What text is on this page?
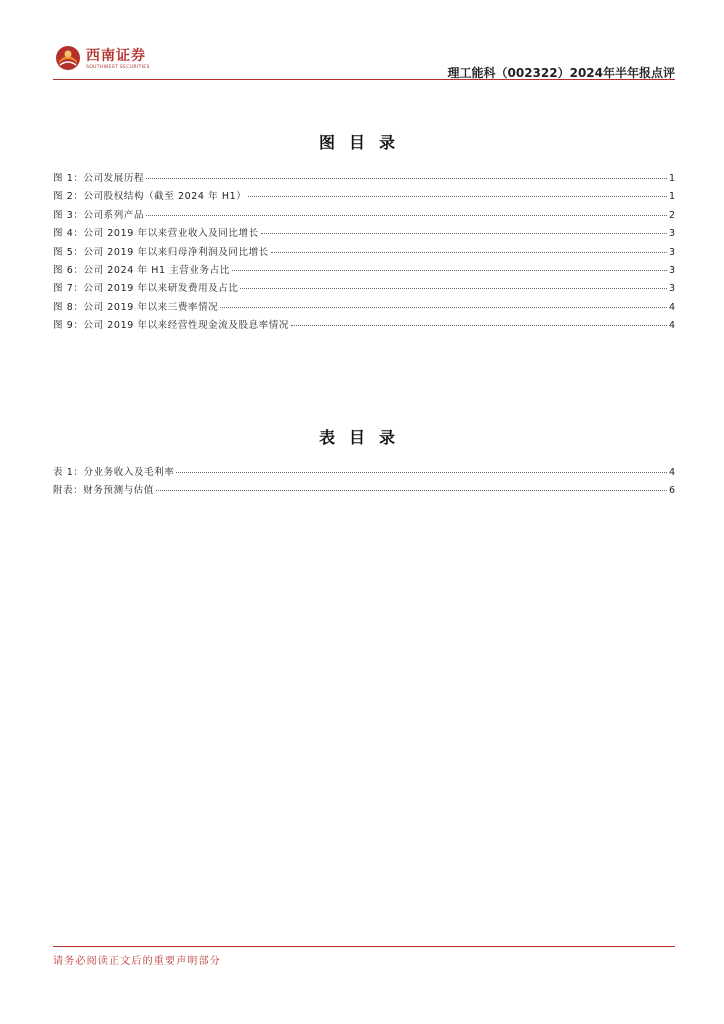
西南证券
SOUTHWEST SECURITIES	理工能科（002322）2024年半年报点评
图目录
图 1：公司发展历程	1
图 2：公司股权结构（截至 2024 年 H1）	1
图 3：公司系列产品	2
图 4：公司 2019 年以来营业收入及同比增长	3
图 5：公司 2019 年以来归母净利润及同比增长	3
图 6：公司 2024 年 H1 主营业务占比	3
图 7：公司 2019 年以来研发费用及占比	3
图 8：公司 2019 年以来三费率情况	4
图 9：公司 2019 年以来经营性现金流及股息率情况	4
表目录
表 1：分业务收入及毛利率	4
附表：财务预测与估值	6
请务必阅读正文后的重要声明部分
